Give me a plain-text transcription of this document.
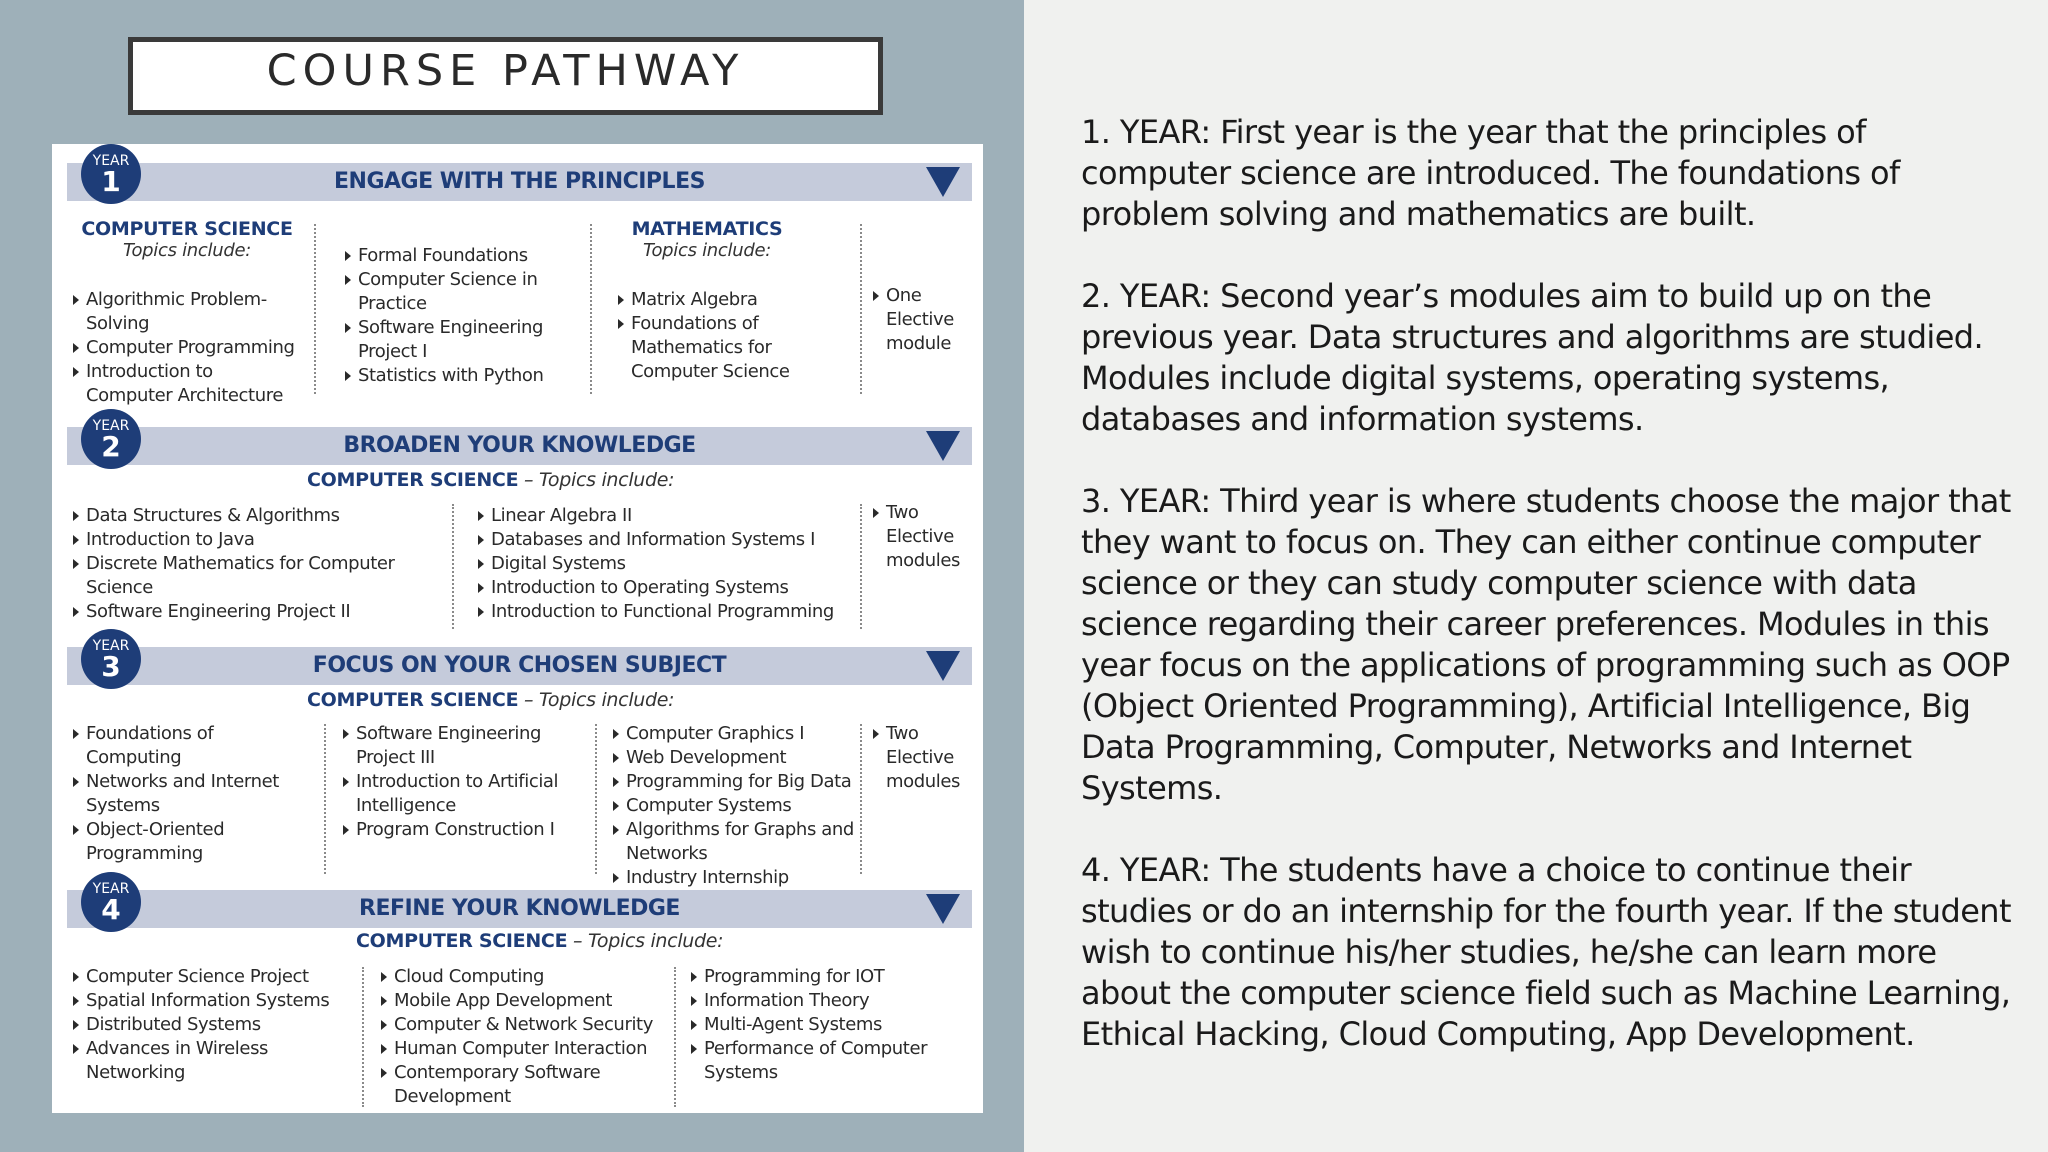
COURSE PATHWAY
ENGAGE WITH THE PRINCIPLES
YEAR
1
COMPUTER SCIENCE
Topics include:
Algorithmic Problem-Solving
Computer Programming
Introduction to Computer Architecture
Formal Foundations
Computer Science in Practice
Software Engineering Project I
Statistics with Python
MATHEMATICS
Topics include:
Matrix Algebra
Foundations of Mathematics for Computer Science
One Elective module
BROADEN YOUR KNOWLEDGE
YEAR
2
COMPUTER SCIENCE – Topics include:
Data Structures & Algorithms
Introduction to Java
Discrete Mathematics for Computer Science
Software Engineering Project II
Linear Algebra II
Databases and Information Systems I
Digital Systems
Introduction to Operating Systems
Introduction to Functional Programming
Two Elective modules
FOCUS ON YOUR CHOSEN SUBJECT
YEAR
3
COMPUTER SCIENCE – Topics include:
Foundations of Computing
Networks and Internet Systems
Object-Oriented Programming
Software Engineering Project III
Introduction to Artificial Intelligence
Program Construction I
Computer Graphics I
Web Development
Programming for Big Data
Computer Systems
Algorithms for Graphs and Networks
Industry Internship
Two Elective modules
REFINE YOUR KNOWLEDGE
YEAR
4
COMPUTER SCIENCE – Topics include:
Computer Science Project
Spatial Information Systems
Distributed Systems
Advances in Wireless Networking
Cloud Computing
Mobile App Development
Computer & Network Security
Human Computer Interaction
Contemporary Software Development
Programming for IOT
Information Theory
Multi-Agent Systems
Performance of Computer Systems

1. YEAR: First year is the year that the principles of computer science are introduced. The foundations of problem solving and mathematics are built.

2. YEAR: Second year’s modules aim to build up on the previous year. Data structures and algorithms are studied. Modules include digital systems, operating systems, databases and information systems.

3. YEAR: Third year is where students choose the major that they want to focus on. They can either continue computer science or they can study computer science with data science regarding their career preferences. Modules in this year focus on the applications of programming such as OOP (Object Oriented Programming), Artificial Intelligence, Big Data Programming, Computer, Networks and Internet Systems.

4. YEAR: The students have a choice to continue their studies or do an internship for the fourth year. If the student wish to continue his/her studies, he/she can learn more about the computer science field such as Machine Learning, Ethical Hacking, Cloud Computing, App Development.
